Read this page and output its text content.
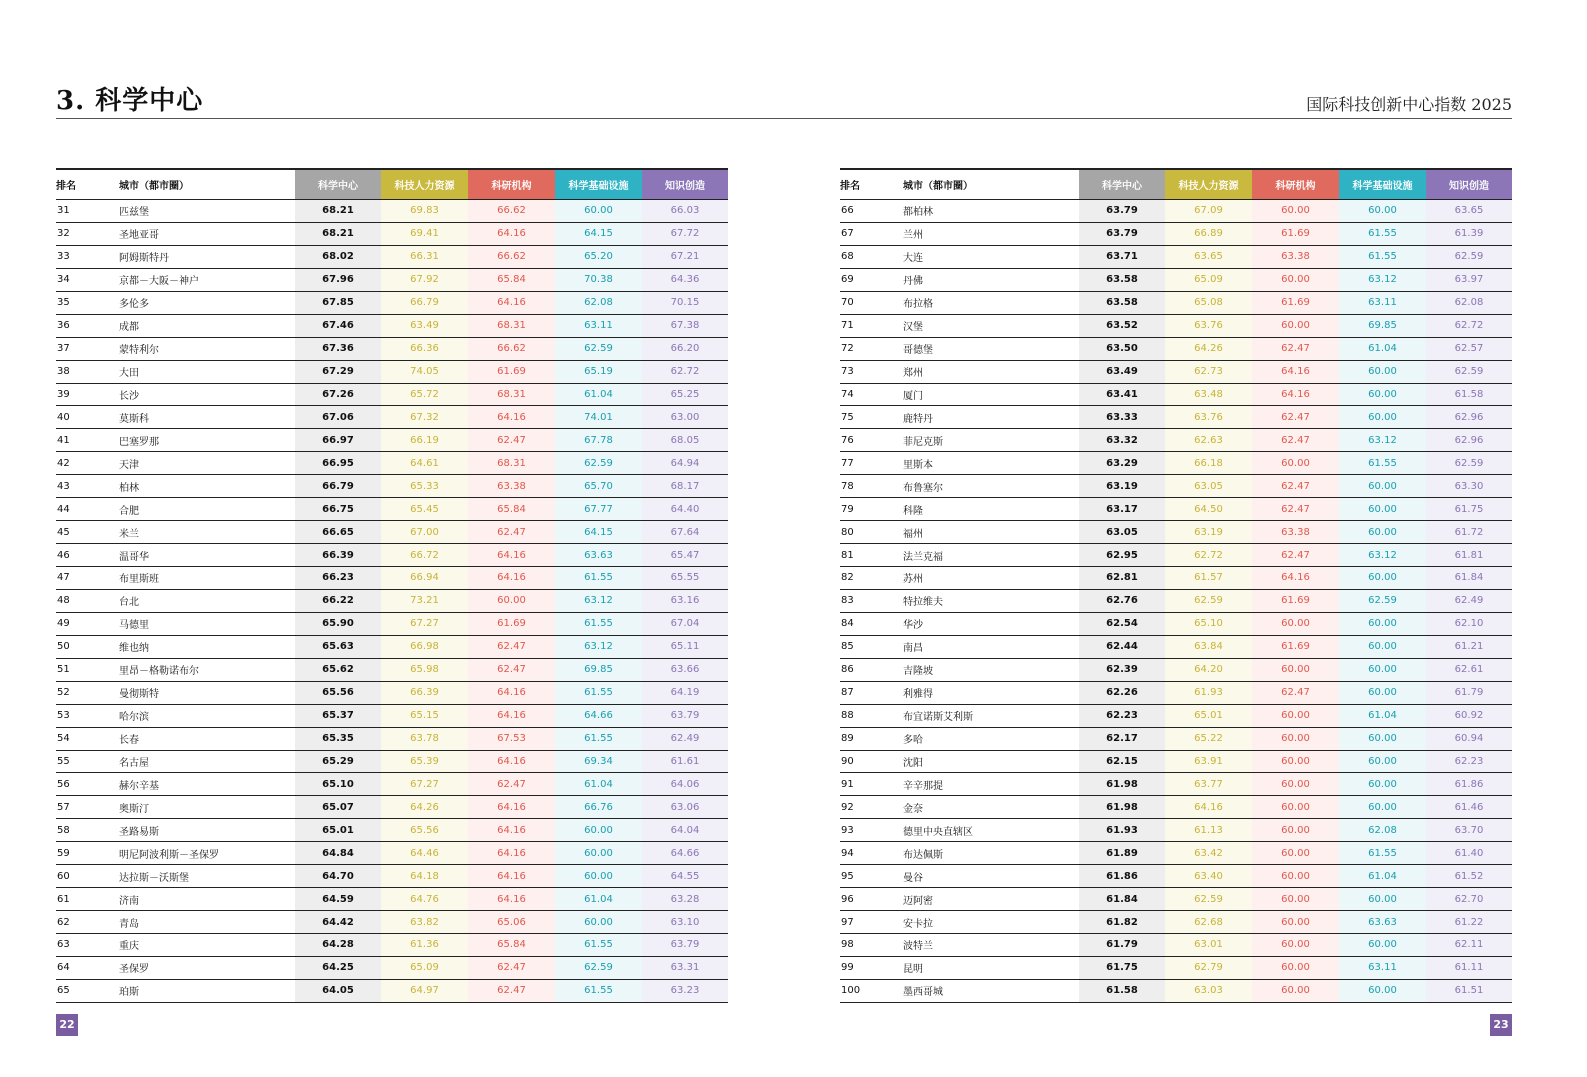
3. 科学中心	国际科技创新中心指数 2025
排名	城市（都市圈）	科学中心	科技人力资源	科研机构	科学基础设施	知识创造
31	匹兹堡	68.21	69.83	66.62	60.00	66.03
32	圣地亚哥	68.21	69.41	64.16	64.15	67.72
33	阿姆斯特丹	68.02	66.31	66.62	65.20	67.21
34	京都－大阪－神户	67.96	67.92	65.84	70.38	64.36
35	多伦多	67.85	66.79	64.16	62.08	70.15
36	成都	67.46	63.49	68.31	63.11	67.38
37	蒙特利尔	67.36	66.36	66.62	62.59	66.20
38	大田	67.29	74.05	61.69	65.19	62.72
39	长沙	67.26	65.72	68.31	61.04	65.25
40	莫斯科	67.06	67.32	64.16	74.01	63.00
41	巴塞罗那	66.97	66.19	62.47	67.78	68.05
42	天津	66.95	64.61	68.31	62.59	64.94
43	柏林	66.79	65.33	63.38	65.70	68.17
44	合肥	66.75	65.45	65.84	67.77	64.40
45	米兰	66.65	67.00	62.47	64.15	67.64
46	温哥华	66.39	66.72	64.16	63.63	65.47
47	布里斯班	66.23	66.94	64.16	61.55	65.55
48	台北	66.22	73.21	60.00	63.12	63.16
49	马德里	65.90	67.27	61.69	61.55	67.04
50	维也纳	65.63	66.98	62.47	63.12	65.11
51	里昂－格勒诺布尔	65.62	65.98	62.47	69.85	63.66
52	曼彻斯特	65.56	66.39	64.16	61.55	64.19
53	哈尔滨	65.37	65.15	64.16	64.66	63.79
54	长春	65.35	63.78	67.53	61.55	62.49
55	名古屋	65.29	65.39	64.16	69.34	61.61
56	赫尔辛基	65.10	67.27	62.47	61.04	64.06
57	奥斯汀	65.07	64.26	64.16	66.76	63.06
58	圣路易斯	65.01	65.56	64.16	60.00	64.04
59	明尼阿波利斯－圣保罗	64.84	64.46	64.16	60.00	64.66
60	达拉斯－沃斯堡	64.70	64.18	64.16	60.00	64.55
61	济南	64.59	64.76	64.16	61.04	63.28
62	青岛	64.42	63.82	65.06	60.00	63.10
63	重庆	64.28	61.36	65.84	61.55	63.79
64	圣保罗	64.25	65.09	62.47	62.59	63.31
65	珀斯	64.05	64.97	62.47	61.55	63.23
排名	城市（都市圈）	科学中心	科技人力资源	科研机构	科学基础设施	知识创造
66	都柏林	63.79	67.09	60.00	60.00	63.65
67	兰州	63.79	66.89	61.69	61.55	61.39
68	大连	63.71	63.65	63.38	61.55	62.59
69	丹佛	63.58	65.09	60.00	63.12	63.97
70	布拉格	63.58	65.08	61.69	63.11	62.08
71	汉堡	63.52	63.76	60.00	69.85	62.72
72	哥德堡	63.50	64.26	62.47	61.04	62.57
73	郑州	63.49	62.73	64.16	60.00	62.59
74	厦门	63.41	63.48	64.16	60.00	61.58
75	鹿特丹	63.33	63.76	62.47	60.00	62.96
76	菲尼克斯	63.32	62.63	62.47	63.12	62.96
77	里斯本	63.29	66.18	60.00	61.55	62.59
78	布鲁塞尔	63.19	63.05	62.47	60.00	63.30
79	科隆	63.17	64.50	62.47	60.00	61.75
80	福州	63.05	63.19	63.38	60.00	61.72
81	法兰克福	62.95	62.72	62.47	63.12	61.81
82	苏州	62.81	61.57	64.16	60.00	61.84
83	特拉维夫	62.76	62.59	61.69	62.59	62.49
84	华沙	62.54	65.10	60.00	60.00	62.10
85	南昌	62.44	63.84	61.69	60.00	61.21
86	吉隆坡	62.39	64.20	60.00	60.00	62.61
87	利雅得	62.26	61.93	62.47	60.00	61.79
88	布宜诺斯艾利斯	62.23	65.01	60.00	61.04	60.92
89	多哈	62.17	65.22	60.00	60.00	60.94
90	沈阳	62.15	63.91	60.00	60.00	62.23
91	辛辛那提	61.98	63.77	60.00	60.00	61.86
92	金奈	61.98	64.16	60.00	60.00	61.46
93	德里中央直辖区	61.93	61.13	60.00	62.08	63.70
94	布达佩斯	61.89	63.42	60.00	61.55	61.40
95	曼谷	61.86	63.40	60.00	61.04	61.52
96	迈阿密	61.84	62.59	60.00	60.00	62.70
97	安卡拉	61.82	62.68	60.00	63.63	61.22
98	波特兰	61.79	63.01	60.00	60.00	62.11
99	昆明	61.75	62.79	60.00	63.11	61.11
100	墨西哥城	61.58	63.03	60.00	60.00	61.51
22	23
